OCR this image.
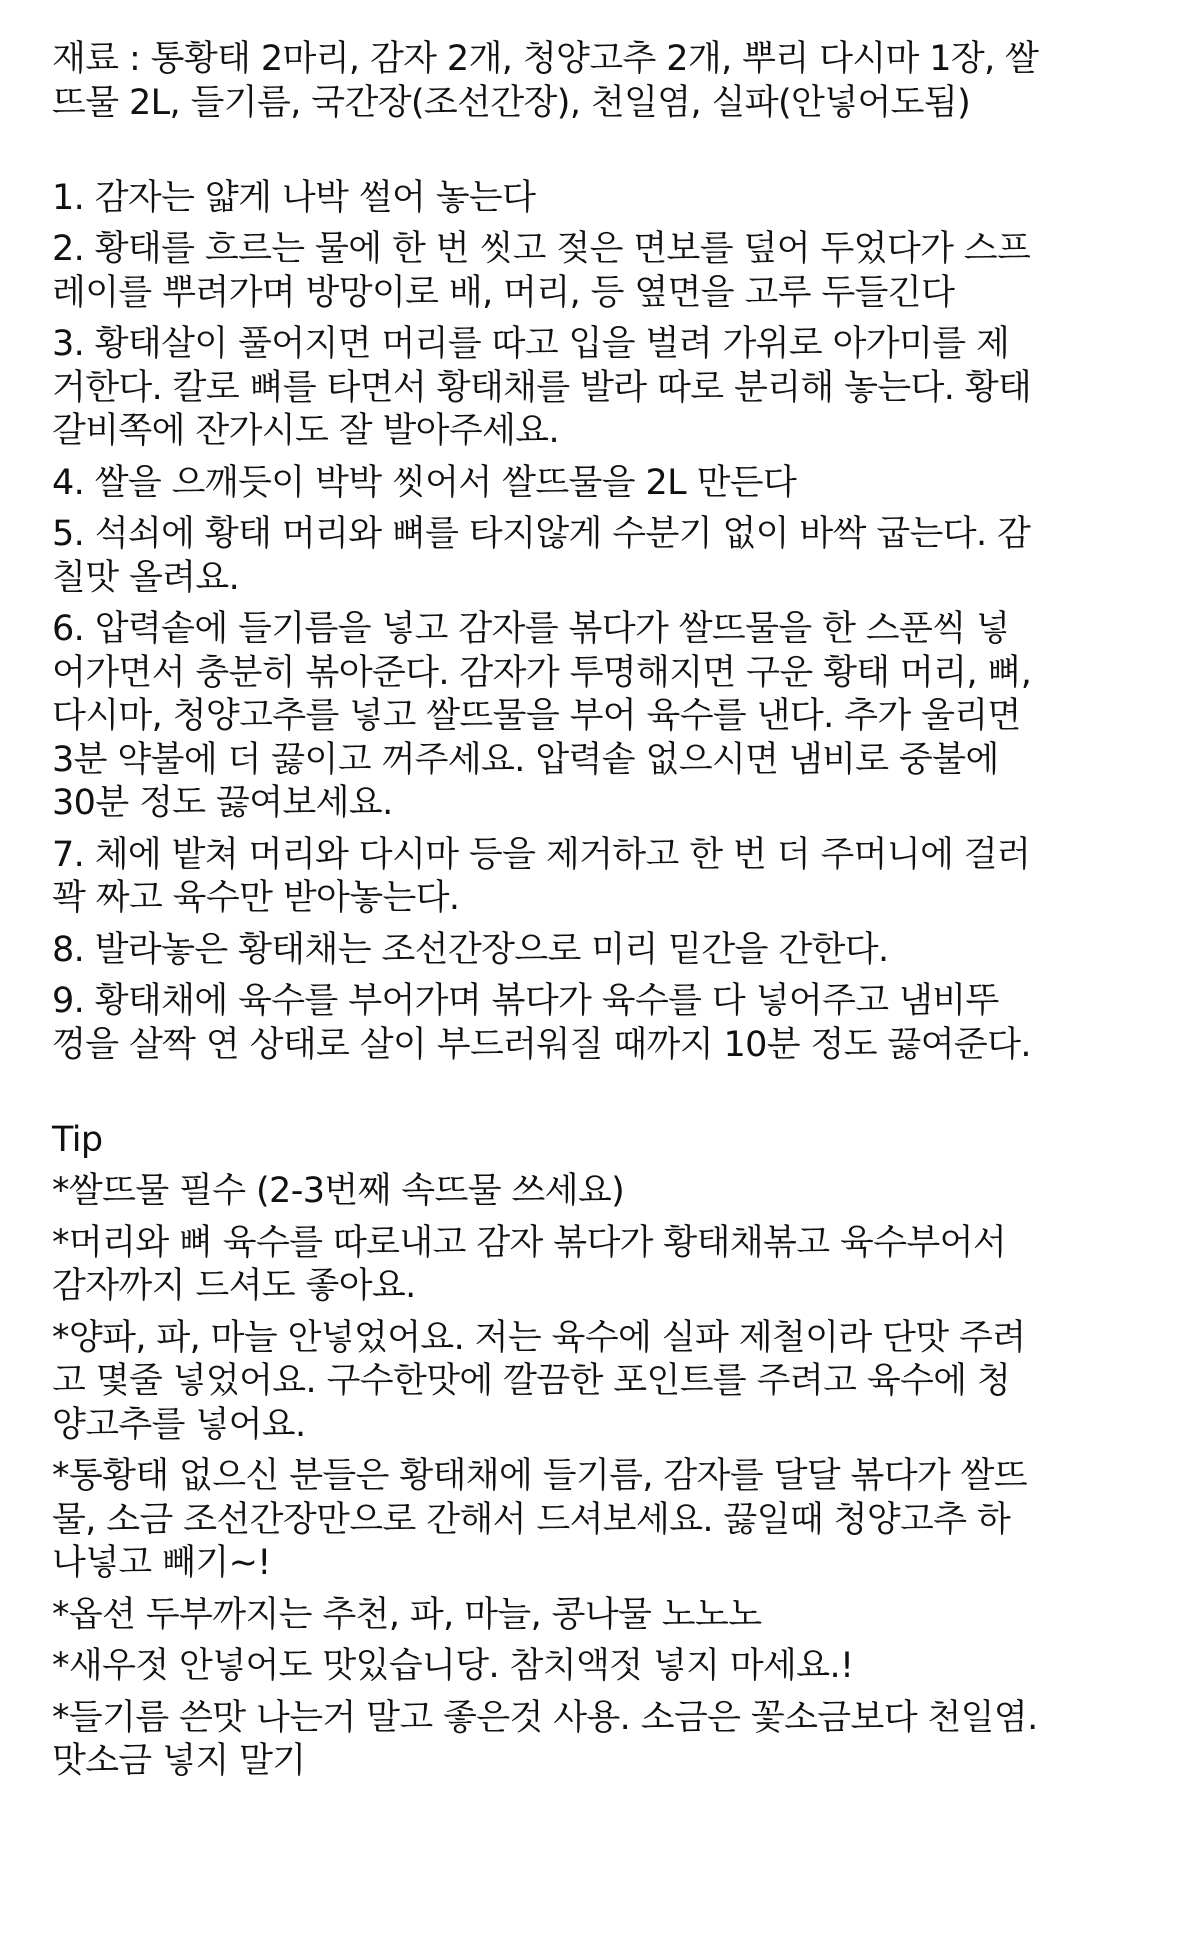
재료 : 통황태 2마리, 감자 2개, 청양고추 2개, 뿌리 다시마 1장, 쌀
뜨물 2L, 들기름, 국간장(조선간장), 천일염, 실파(안넣어도됨)
1. 감자는 얇게 나박 썰어 놓는다
2. 황태를 흐르는 물에 한 번 씻고 젖은 면보를 덮어 두었다가 스프
레이를 뿌려가며 방망이로 배, 머리, 등 옆면을 고루 두들긴다
3. 황태살이 풀어지면 머리를 따고 입을 벌려 가위로 아가미를 제
거한다. 칼로 뼈를 타면서 황태채를 발라 따로 분리해 놓는다. 황태
갈비쪽에 잔가시도 잘 발아주세요.
4. 쌀을 으깨듯이 박박 씻어서 쌀뜨물을 2L 만든다
5. 석쇠에 황태 머리와 뼈를 타지않게 수분기 없이 바싹 굽는다. 감
칠맛 올려요.
6. 압력솥에 들기름을 넣고 감자를 볶다가 쌀뜨물을 한 스푼씩 넣
어가면서 충분히 볶아준다. 감자가 투명해지면 구운 황태 머리, 뼈,
다시마, 청양고추를 넣고 쌀뜨물을 부어 육수를 낸다. 추가 울리면
3분 약불에 더 끓이고 꺼주세요. 압력솥 없으시면 냄비로 중불에
30분 정도 끓여보세요.
7. 체에 밭쳐 머리와 다시마 등을 제거하고 한 번 더 주머니에 걸러
꽉 짜고 육수만 받아놓는다.
8. 발라놓은 황태채는 조선간장으로 미리 밑간을 간한다.
9. 황태채에 육수를 부어가며 볶다가 육수를 다 넣어주고 냄비뚜
껑을 살짝 연 상태로 살이 부드러워질 때까지 10분 정도 끓여준다.
Tip
*쌀뜨물 필수 (2-3번째 속뜨물 쓰세요)
*머리와 뼈 육수를 따로내고 감자 볶다가 황태채볶고 육수부어서
감자까지 드셔도 좋아요.
*양파, 파, 마늘 안넣었어요. 저는 육수에 실파 제철이라 단맛 주려
고 몇줄 넣었어요. 구수한맛에 깔끔한 포인트를 주려고 육수에 청
양고추를 넣어요.
*통황태 없으신 분들은 황태채에 들기름, 감자를 달달 볶다가 쌀뜨
물, 소금 조선간장만으로 간해서 드셔보세요. 끓일때 청양고추 하
나넣고 빼기~!
*옵션 두부까지는 추천, 파, 마늘, 콩나물 노노노
*새우젓 안넣어도 맛있습니당. 참치액젓 넣지 마세요.!
*들기름 쓴맛 나는거 말고 좋은것 사용. 소금은 꽃소금보다 천일염.
맛소금 넣지 말기
